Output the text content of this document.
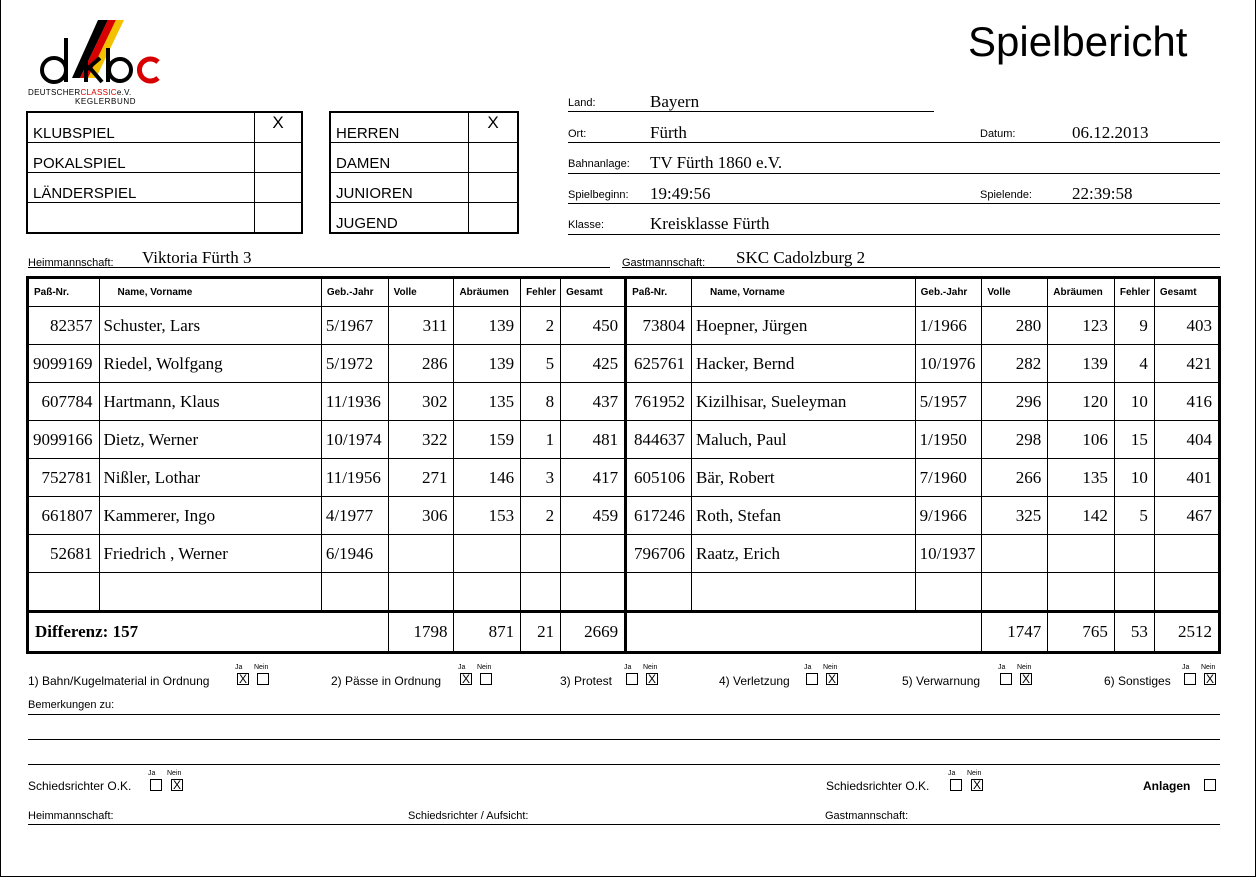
Spielbericht
DEUTSCHERCLASSICe.V.
KEGLERBUND
KLUBSPIEL	X
POKALSPIEL	
LÄNDERSPIEL	

HERREN	X
DAMEN	
JUNIOREN	
JUGEND	
Land:	Bayern
Ort:	Fürth	Datum:	06.12.2013
Bahnanlage: TV Fürth 1860 e.V.
Spielbeginn: 19:49:56	Spielende: 22:39:58
Klasse:	Kreisklasse Fürth
Heimmannschaft: Viktoria Fürth 3	Gastmannschaft: SKC Cadolzburg 2
Paß-Nr.	Name, Vorname	Geb.-Jahr	Volle	Abräumen	Fehler	Gesamt	Paß-Nr.	Name, Vorname	Geb.-Jahr	Volle	Abräumen	Fehler	Gesamt
82357	Schuster, Lars	5/1967	311	139	2	450	73804	Hoepner, Jürgen	1/1966	280	123	9	403
9099169	Riedel, Wolfgang	5/1972	286	139	5	425	625761	Hacker, Bernd	10/1976	282	139	4	421
607784	Hartmann, Klaus	11/1936	302	135	8	437	761952	Kizilhisar, Sueleyman	5/1957	296	120	10	416
9099166	Dietz, Werner	10/1974	322	159	1	481	844637	Maluch, Paul	1/1950	298	106	15	404
752781	Nißler, Lothar	11/1956	271	146	3	417	605106	Bär, Robert	7/1960	266	135	10	401
661807	Kammerer, Ingo	4/1977	306	153	2	459	617246	Roth, Stefan	9/1966	325	142	5	467
52681	Friedrich , Werner	6/1946					796706	Raatz, Erich	10/1937				

Differenz: 157			1798	871	21	2669				1747	765	53	2512
1) Bahn/Kugelmaterial in Ordnung
Ja Nein
X	2) Pässe in Ordnung
Ja Nein
X	3) Protest
Ja Nein
X	4) Verletzung
Ja Nein
X	5) Verwarnung
Ja Nein
X	6) Sonstiges
Ja Nein
X
Bemerkungen zu:
Schiedsrichter O.K.
Ja Nein
X	Schiedsrichter O.K.
Ja Nein
X	Anlagen
Heimmannschaft:	Schiedsrichter / Aufsicht:	Gastmannschaft:
